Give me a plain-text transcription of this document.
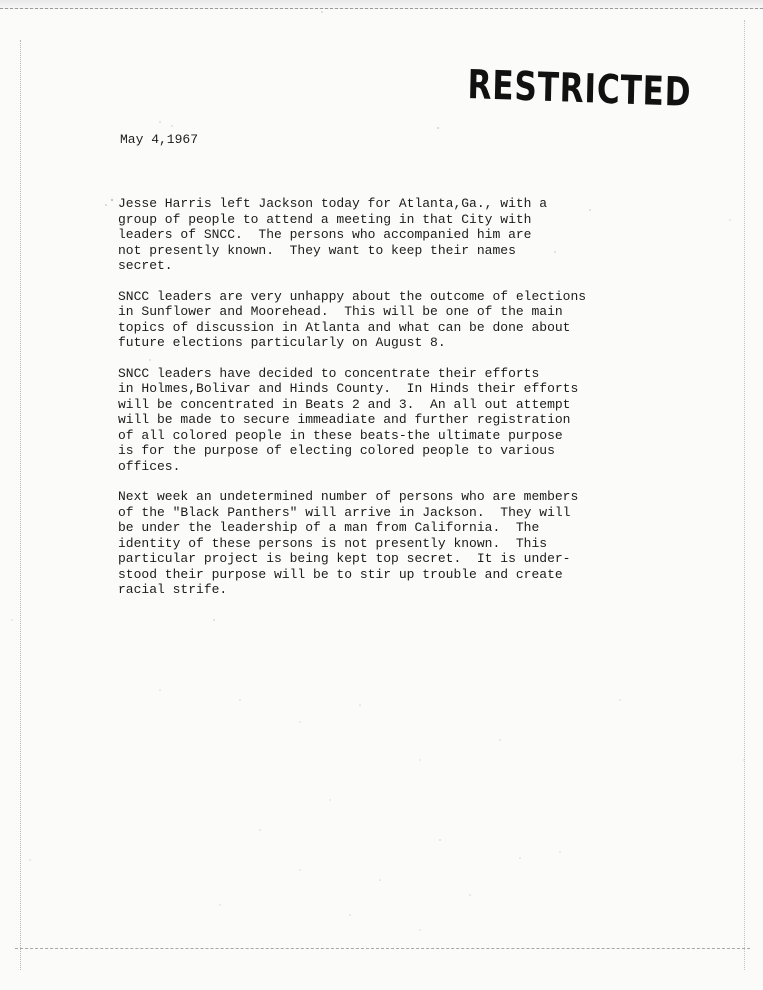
RESTRICTED
May 4,1967
Jesse Harris left Jackson today for Atlanta,Ga., with a
group of people to attend a meeting in that City with
leaders of SNCC.  The persons who accompanied him are
not presently known.  They want to keep their names
secret.
SNCC leaders are very unhappy about the outcome of elections
in Sunflower and Moorehead.  This will be one of the main
topics of discussion in Atlanta and what can be done about
future elections particularly on August 8.
SNCC leaders have decided to concentrate their efforts
in Holmes,Bolivar and Hinds County.  In Hinds their efforts
will be concentrated in Beats 2 and 3.  An all out attempt
will be made to secure immeadiate and further registration
of all colored people in these beats-the ultimate purpose
is for the purpose of electing colored people to various
offices.
Next week an undetermined number of persons who are members
of the "Black Panthers" will arrive in Jackson.  They will
be under the leadership of a man from California.  The
identity of these persons is not presently known.  This
particular project is being kept top secret.  It is under-
stood their purpose will be to stir up trouble and create
racial strife.
